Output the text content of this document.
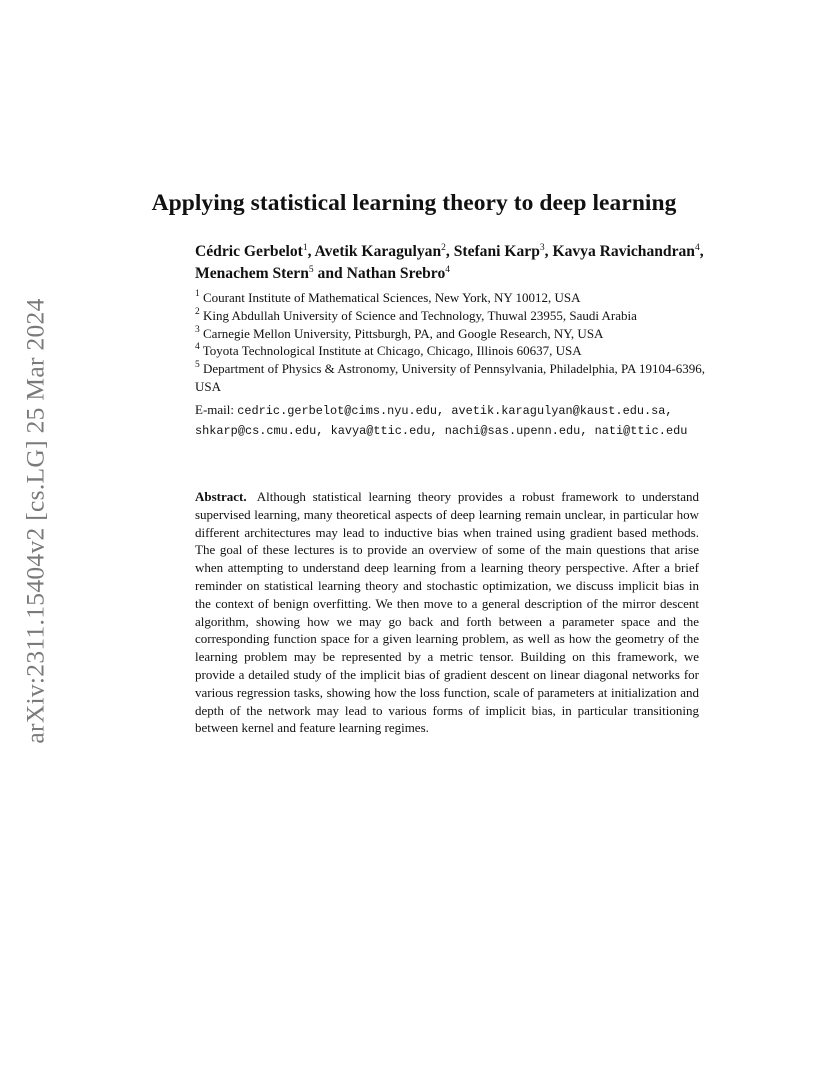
arXiv:2311.15404v2 [cs.LG] 25 Mar 2024
Applying statistical learning theory to deep learning

Cédric Gerbelot$^1$, Avetik Karagulyan$^2$, Stefani Karp$^3$, Kavya Ravichandran$^4$, Menachem Stern$^5$ and Nathan Srebro$^4$

$^1$ Courant Institute of Mathematical Sciences, New York, NY 10012, USA

$^2$ King Abdullah University of Science and Technology, Thuwal 23955, Saudi Arabia

$^3$ Carnegie Mellon University, Pittsburgh, PA, and Google Research, NY, USA

$^4$ Toyota Technological Institute at Chicago, Chicago, Illinois 60637, USA

$^5$ Department of Physics & Astronomy, University of Pennsylvania, Philadelphia, PA 19104-6396, USA

E-mail: cedric.gerbelot@cims.nyu.edu, avetik.karagulyan@kaust.edu.sa, shkarp@cs.cmu.edu, kavya@ttic.edu, nachi@sas.upenn.edu, nati@ttic.edu

Abstract. Although statistical learning theory provides a robust framework to understand supervised learning, many theoretical aspects of deep learning remain unclear, in particular how different architectures may lead to inductive bias when trained using gradient based methods. The goal of these lectures is to provide an overview of some of the main questions that arise when attempting to understand deep learning from a learning theory perspective. After a brief reminder on statistical learning theory and stochastic optimization, we discuss implicit bias in the context of benign overfitting. We then move to a general description of the mirror descent algorithm, showing how we may go back and forth between a parameter space and the corresponding function space for a given learning problem, as well as how the geometry of the learning problem may be represented by a metric tensor. Building on this framework, we provide a detailed study of the implicit bias of gradient descent on linear diagonal networks for various regression tasks, showing how the loss function, scale of parameters at initialization and depth of the network may lead to various forms of implicit bias, in particular transitioning between kernel and feature learning regimes.
